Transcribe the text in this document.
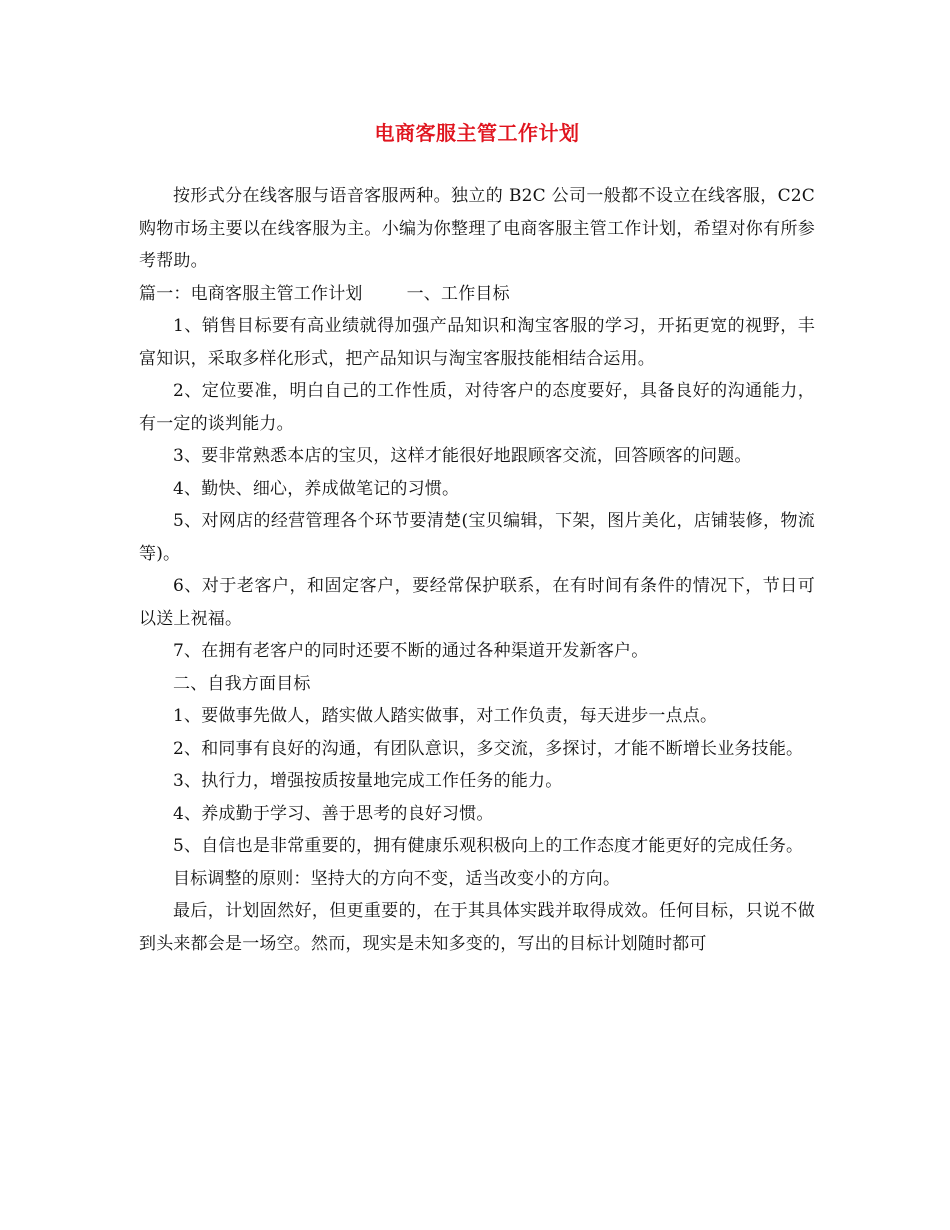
电商客服主管工作计划

按形式分在线客服与语音客服两种。独立的 B2C 公司一般都不设立在线客服，C2C 购物市场主要以在线客服为主。小编为你整理了电商客服主管工作计划，希望对你有所参考帮助。

篇一：电商客服主管工作计划	一、工作目标

1、销售目标要有高业绩就得加强产品知识和淘宝客服的学习，开拓更宽的视野，丰富知识，采取多样化形式，把产品知识与淘宝客服技能相结合运用。

2、定位要准，明白自己的工作性质，对待客户的态度要好，具备良好的沟通能力，有一定的谈判能力。

3、要非常熟悉本店的宝贝，这样才能很好地跟顾客交流，回答顾客的问题。

4、勤快、细心，养成做笔记的习惯。

5、对网店的经营管理各个环节要清楚(宝贝编辑，下架，图片美化，店铺装修，物流等)。

6、对于老客户，和固定客户，要经常保护联系，在有时间有条件的情况下，节日可以送上祝福。

7、在拥有老客户的同时还要不断的通过各种渠道开发新客户。

二、自我方面目标

1、要做事先做人，踏实做人踏实做事，对工作负责，每天进步一点点。

2、和同事有良好的沟通，有团队意识，多交流，多探讨，才能不断增长业务技能。

3、执行力，增强按质按量地完成工作任务的能力。

4、养成勤于学习、善于思考的良好习惯。

5、自信也是非常重要的，拥有健康乐观积极向上的工作态度才能更好的完成任务。

目标调整的原则：坚持大的方向不变，适当改变小的方向。

最后，计划固然好，但更重要的，在于其具体实践并取得成效。任何目标，只说不做到头来都会是一场空。然而，现实是未知多变的，写出的目标计划随时都可
